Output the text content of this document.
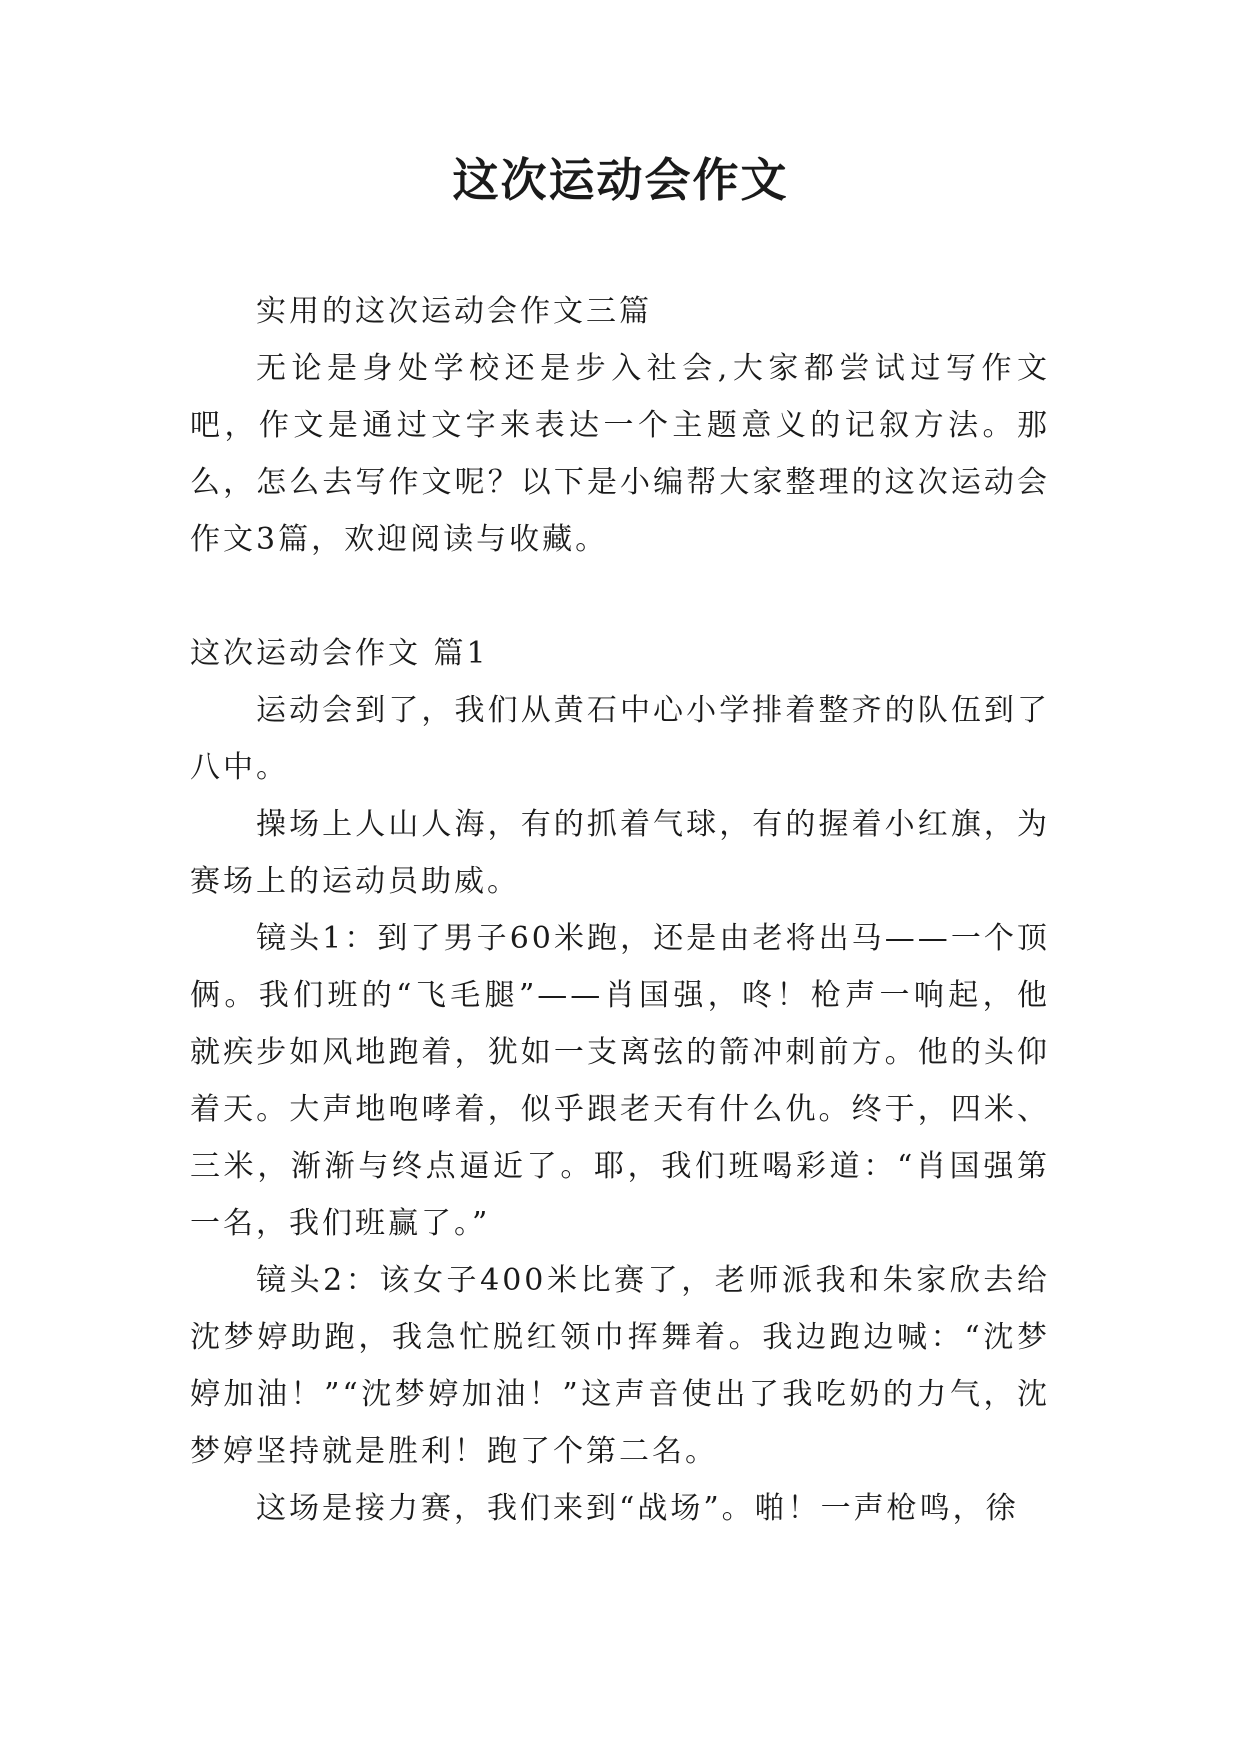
这次运动会作文

实用的这次运动会作文三篇

无论是身处学校还是步入社会,大家都尝试过写作文吧，作文是通过文字来表达一个主题意义的记叙方法。那么，怎么去写作文呢？以下是小编帮大家整理的这次运动会作文3篇，欢迎阅读与收藏。

这次运动会作文 篇1

运动会到了，我们从黄石中心小学排着整齐的队伍到了八中。

操场上人山人海，有的抓着气球，有的握着小红旗，为赛场上的运动员助威。

镜头1：到了男子60米跑，还是由老将出马——一个顶俩。我们班的“飞毛腿”——肖国强，咚！枪声一响起，他就疾步如风地跑着，犹如一支离弦的箭冲刺前方。他的头仰着天。大声地咆哮着，似乎跟老天有什么仇。终于，四米、三米，渐渐与终点逼近了。耶，我们班喝彩道：“肖国强第一名，我们班赢了。”

镜头2：该女子400米比赛了，老师派我和朱家欣去给沈梦婷助跑，我急忙脱红领巾挥舞着。我边跑边喊：“沈梦婷加油！”“沈梦婷加油！”这声音使出了我吃奶的力气，沈梦婷坚持就是胜利！跑了个第二名。

这场是接力赛，我们来到“战场”。啪！一声枪鸣，徐
